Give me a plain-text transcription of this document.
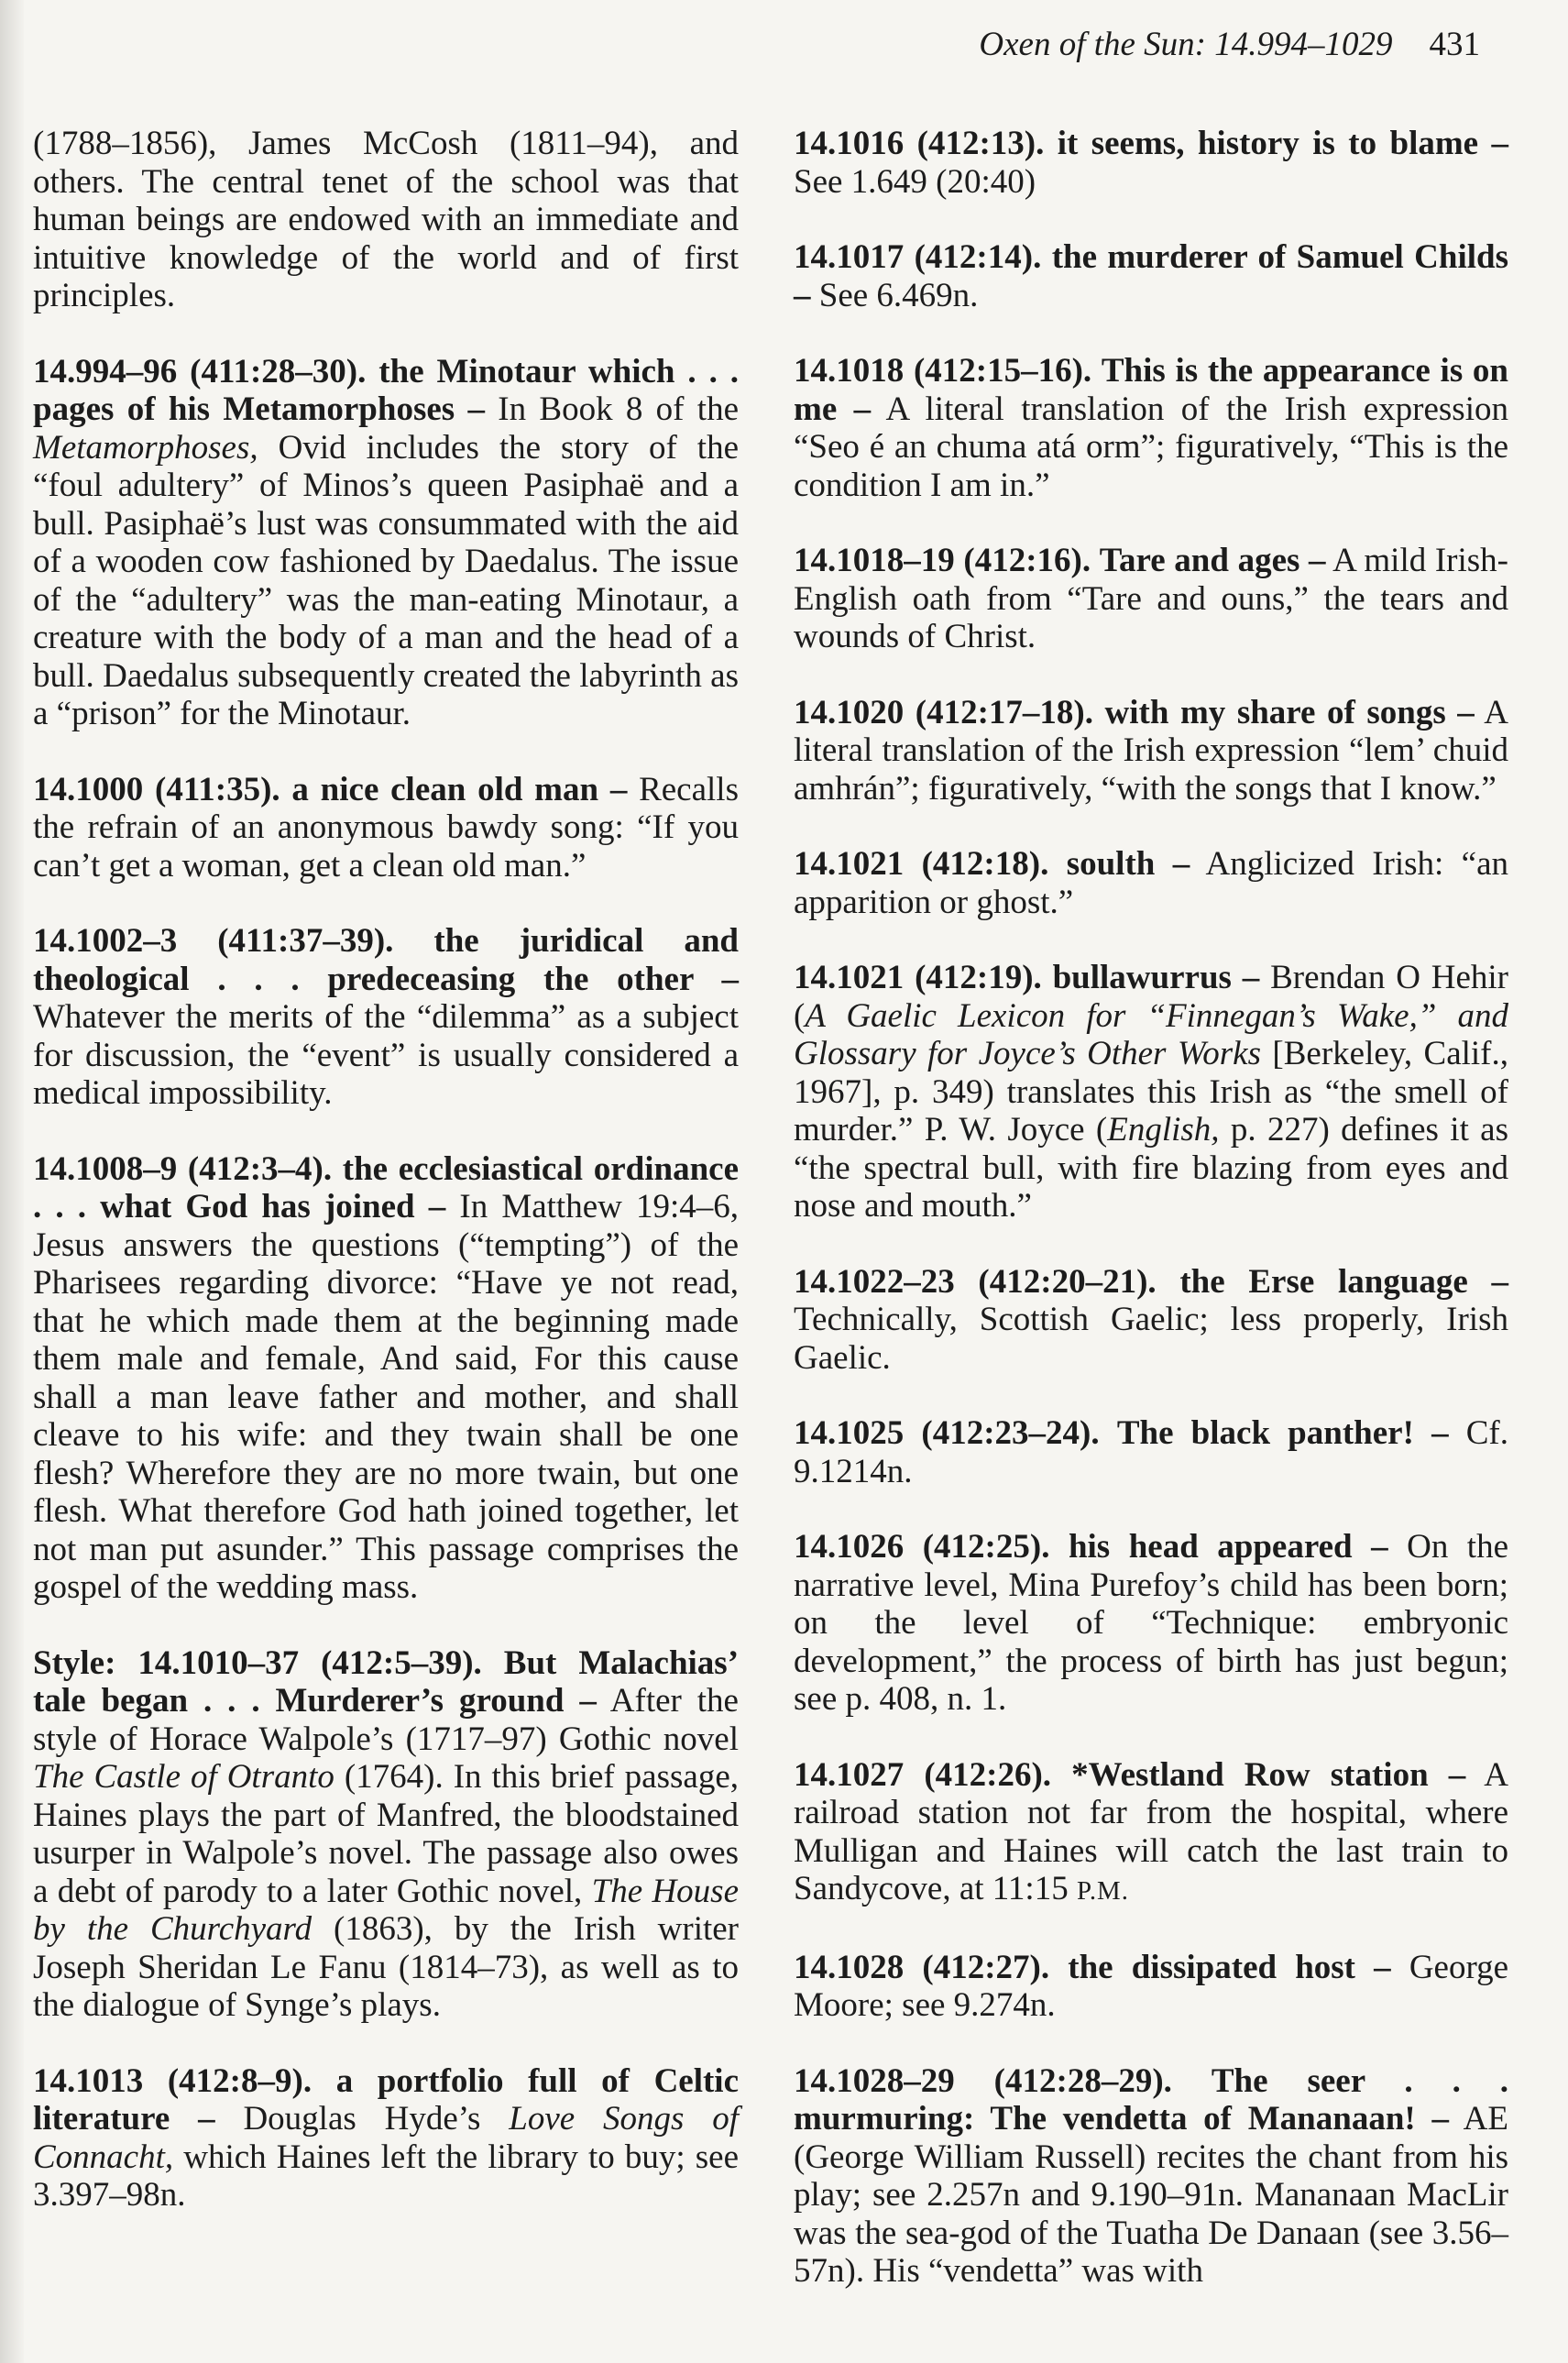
Oxen of the Sun: 14.994–1029 431

(1788–1856), James McCosh (1811–94), and others. The central tenet of the school was that human beings are endowed with an immediate and intuitive knowledge of the world and of first principles.

14.994–96 (411:28–30). the Minotaur which . . . pages of his Metamorphoses – In Book 8 of the Metamorphoses, Ovid includes the story of the “foul adultery” of Minos’s queen Pasiphaë and a bull. Pasiphaë’s lust was consummated with the aid of a wooden cow fashioned by Daedalus. The issue of the “adultery” was the man-eating Minotaur, a creature with the body of a man and the head of a bull. Daedalus subsequently created the labyrinth as a “prison” for the Minotaur.

14.1000 (411:35). a nice clean old man – Recalls the refrain of an anonymous bawdy song: “If you can’t get a woman, get a clean old man.”

14.1002–3 (411:37–39). the juridical and theological . . . predeceasing the other – Whatever the merits of the “dilemma” as a subject for discussion, the “event” is usually considered a medical impossibility.

14.1008–9 (412:3–4). the ecclesiastical ordinance . . . what God has joined – In Matthew 19:4–6, Jesus answers the questions (“tempting”) of the Pharisees regarding divorce: “Have ye not read, that he which made them at the beginning made them male and female, And said, For this cause shall a man leave father and mother, and shall cleave to his wife: and they twain shall be one flesh? Wherefore they are no more twain, but one flesh. What therefore God hath joined together, let not man put asunder.” This passage comprises the gospel of the wedding mass.

Style: 14.1010–37 (412:5–39). But Malachias’ tale began . . . Murderer’s ground – After the style of Horace Walpole’s (1717–97) Gothic novel The Castle of Otranto (1764). In this brief passage, Haines plays the part of Manfred, the bloodstained usurper in Walpole’s novel. The passage also owes a debt of parody to a later Gothic novel, The House by the Churchyard (1863), by the Irish writer Joseph Sheridan Le Fanu (1814–73), as well as to the dialogue of Synge’s plays.

14.1013 (412:8–9). a portfolio full of Celtic literature – Douglas Hyde’s Love Songs of Connacht, which Haines left the library to buy; see 3.397–98n.

14.1016 (412:13). it seems, history is to blame – See 1.649 (20:40)

14.1017 (412:14). the murderer of Samuel Childs – See 6.469n.

14.1018 (412:15–16). This is the appearance is on me – A literal translation of the Irish expression “Seo é an chuma atá orm”; figuratively, “This is the condition I am in.”

14.1018–19 (412:16). Tare and ages – A mild Irish-English oath from “Tare and ouns,” the tears and wounds of Christ.

14.1020 (412:17–18). with my share of songs – A literal translation of the Irish expression “lem’ chuid amhrán”; figuratively, “with the songs that I know.”

14.1021 (412:18). soulth – Anglicized Irish: “an apparition or ghost.”

14.1021 (412:19). bullawurrus – Brendan O Hehir (A Gaelic Lexicon for “Finnegan’s Wake,” and Glossary for Joyce’s Other Works [Berkeley, Calif., 1967], p. 349) translates this Irish as “the smell of murder.” P. W. Joyce (English, p. 227) defines it as “the spectral bull, with fire blazing from eyes and nose and mouth.”

14.1022–23 (412:20–21). the Erse language – Technically, Scottish Gaelic; less properly, Irish Gaelic.

14.1025 (412:23–24). The black panther! – Cf. 9.1214n.

14.1026 (412:25). his head appeared – On the narrative level, Mina Purefoy’s child has been born; on the level of “Technique: embryonic development,” the process of birth has just begun; see p. 408, n. 1.

14.1027 (412:26). *Westland Row station – A railroad station not far from the hospital, where Mulligan and Haines will catch the last train to Sandycove, at 11:15 P.M.

14.1028 (412:27). the dissipated host – George Moore; see 9.274n.

14.1028–29 (412:28–29). The seer . . . murmuring: The vendetta of Mananaan! – AE (George William Russell) recites the chant from his play; see 2.257n and 9.190–91n. Mananaan MacLir was the sea-god of the Tuatha De Danaan (see 3.56–57n). His “vendetta” was with
